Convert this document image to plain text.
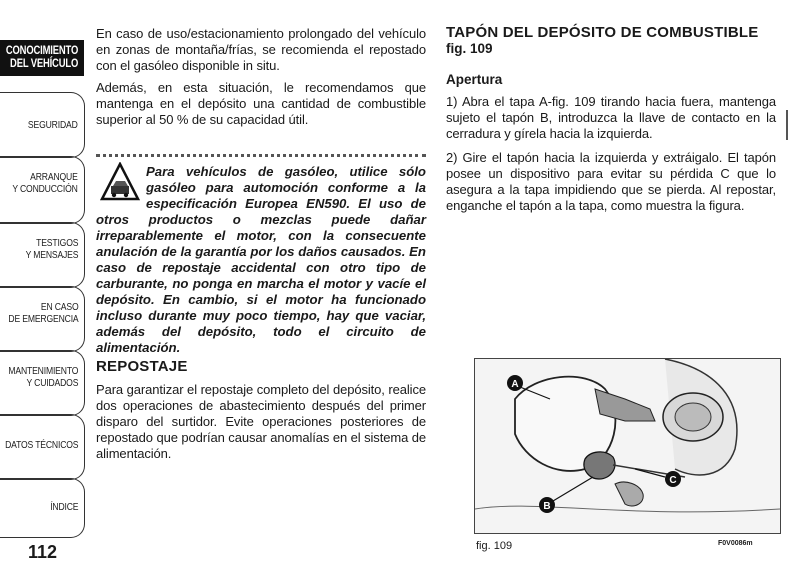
CONOCIMIENTO
DEL VEHÍCULO
SEGURIDAD
ARRANQUE
Y CONDUCCIÓN
TESTIGOS
Y MENSAJES
EN CASO
DE EMERGENCIA
MANTENIMIENTO
Y CUIDADOS
DATOS TÉCNICOS
ÍNDICE
112
En caso de uso/estacionamiento prolongado del vehículo en zonas de montaña/frías, se recomienda el repostado con el gasóleo disponible in situ.
Además, en esta situación, le recomendamos que mantenga en el depósito una cantidad de combustible superior al 50 % de su capacidad útil.
Para vehículos de gasóleo, utilice sólo gasóleo para automoción conforme a la especificación Europea EN590. El uso de otros productos o mezclas puede dañar irreparablemente el motor, con la consecuente anulación de la garantía por los daños causados. En caso de repostaje accidental con otro tipo de carburante, no ponga en marcha el motor y vacíe el depósito. En cambio, si el motor ha funcionado incluso durante muy poco tiempo, hay que vaciar, además del depósito, todo el circuito de alimentación.
REPOSTAJE
Para garantizar el repostaje completo del depósito, realice dos operaciones de abastecimiento después del primer disparo del surtidor. Evite operaciones posteriores de repostado que podrían causar anomalías en el sistema de alimentación.
TAPÓN DEL DEPÓSITO DE COMBUSTIBLE
fig. 109
Apertura
1) Abra el tapa A-fig. 109 tirando hacia fuera, mantenga sujeto el tapón B, introduzca la llave de contacto en la cerradura y gírela hacia la izquierda.
2) Gire el tapón hacia la izquierda y extráigalo. El tapón posee un dispositivo para evitar su pérdida C que lo asegura a la tapa impidiendo que se pierda. Al repostar, enganche el tapón a la tapa, como muestra la figura.
A
B
C
fig. 109	F0V0086m
